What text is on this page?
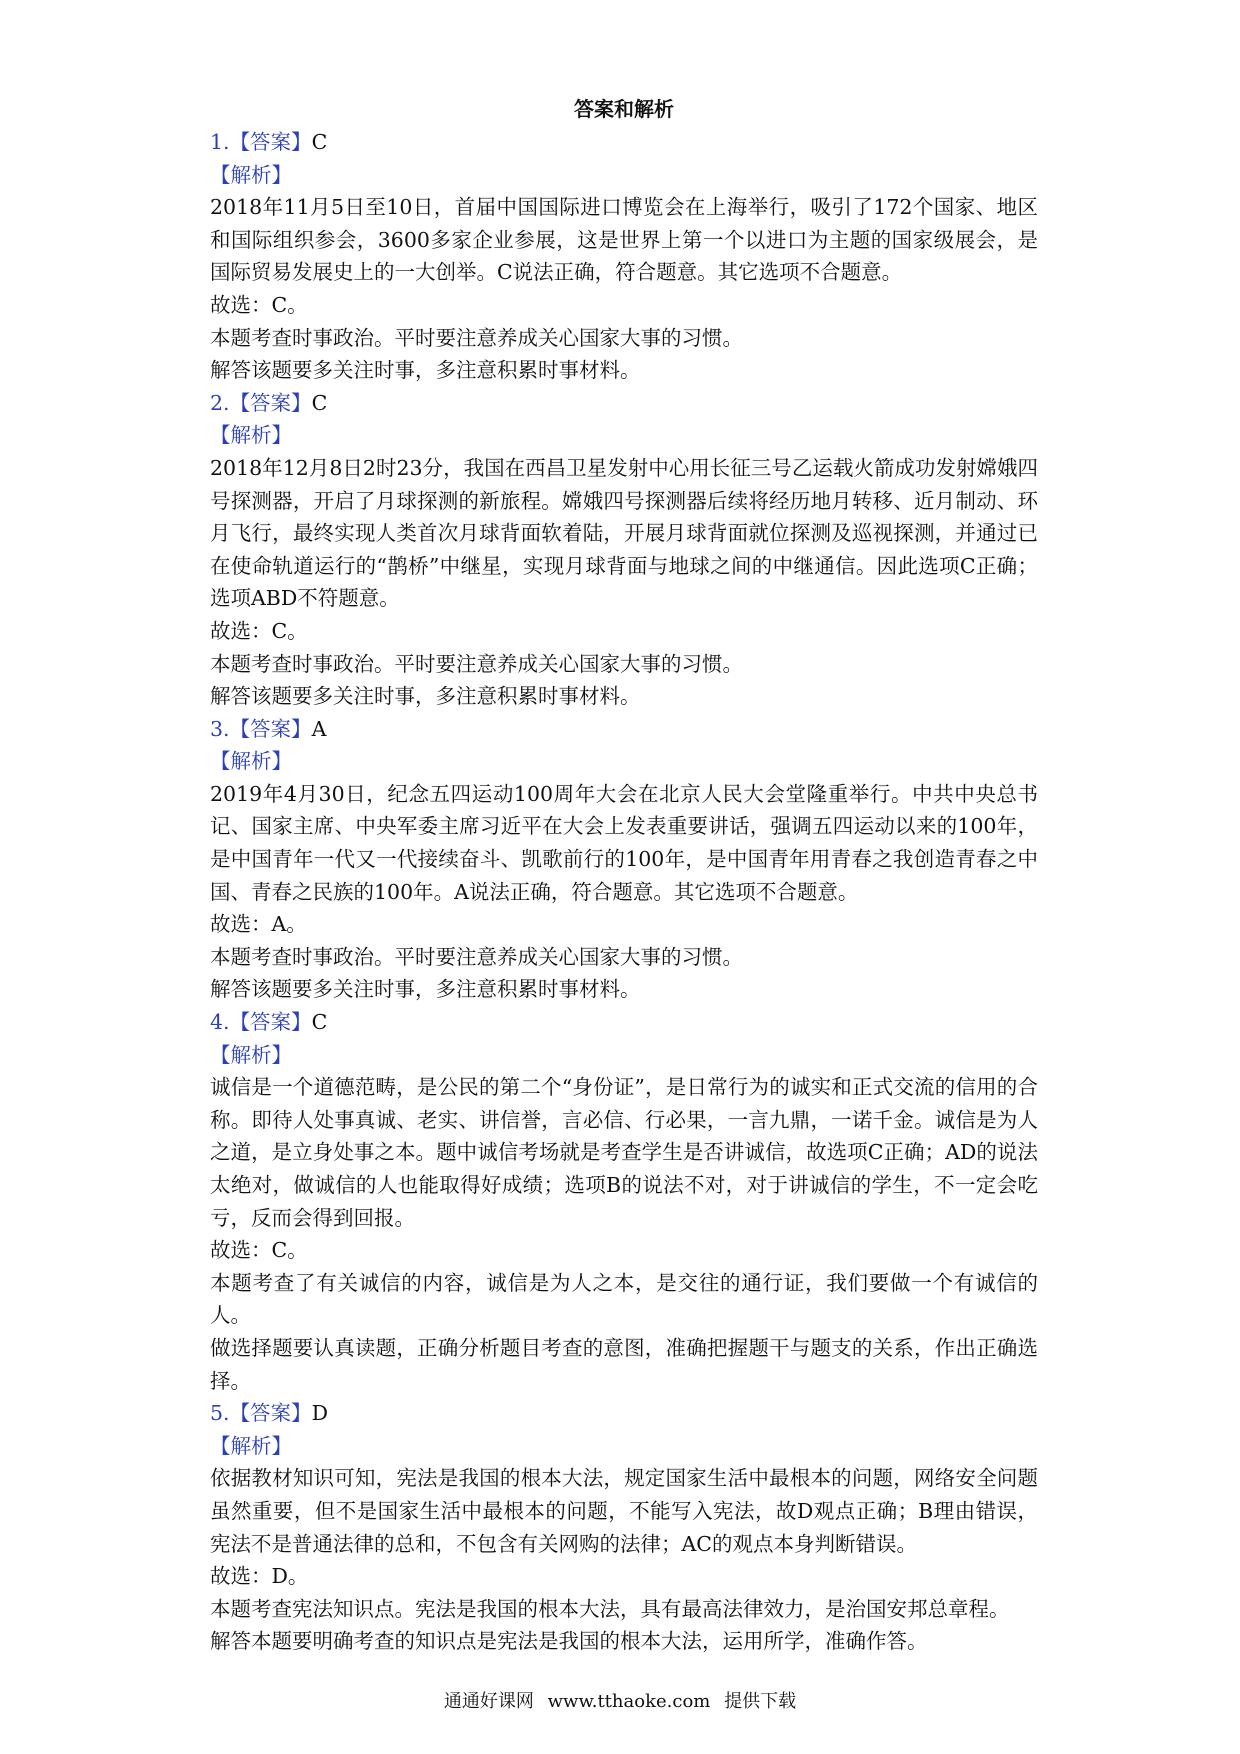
答案和解析

1.【答案】C

【解析】

2018年11月5日至10日，首届中国国际进口博览会在上海举行，吸引了172个国家、地区和国际组织参会，3600多家企业参展，这是世界上第一个以进口为主题的国家级展会，是国际贸易发展史上的一大创举。C说法正确，符合题意。其它选项不合题意。

故选：C。

本题考查时事政治。平时要注意养成关心国家大事的习惯。

解答该题要多关注时事，多注意积累时事材料。

2.【答案】C

【解析】

2018年12月8日2时23分，我国在西昌卫星发射中心用长征三号乙运载火箭成功发射嫦娥四号探测器，开启了月球探测的新旅程。嫦娥四号探测器后续将经历地月转移、近月制动、环月飞行，最终实现人类首次月球背面软着陆，开展月球背面就位探测及巡视探测，并通过已在使命轨道运行的“鹊桥”中继星，实现月球背面与地球之间的中继通信。因此选项C正确；选项ABD不符题意。

故选：C。

本题考查时事政治。平时要注意养成关心国家大事的习惯。

解答该题要多关注时事，多注意积累时事材料。

3.【答案】A

【解析】

2019年4月30日，纪念五四运动100周年大会在北京人民大会堂隆重举行。中共中央总书记、国家主席、中央军委主席习近平在大会上发表重要讲话，强调五四运动以来的100年，是中国青年一代又一代接续奋斗、凯歌前行的100年，是中国青年用青春之我创造青春之中国、青春之民族的100年。A说法正确，符合题意。其它选项不合题意。

故选：A。

本题考查时事政治。平时要注意养成关心国家大事的习惯。

解答该题要多关注时事，多注意积累时事材料。

4.【答案】C

【解析】

诚信是一个道德范畴，是公民的第二个“身份证”，是日常行为的诚实和正式交流的信用的合称。即待人处事真诚、老实、讲信誉，言必信、行必果，一言九鼎，一诺千金。诚信是为人之道，是立身处事之本。题中诚信考场就是考查学生是否讲诚信，故选项C正确；AD的说法太绝对，做诚信的人也能取得好成绩；选项B的说法不对，对于讲诚信的学生，不一定会吃亏，反而会得到回报。

故选：C。

本题考查了有关诚信的内容，诚信是为人之本，是交往的通行证，我们要做一个有诚信的人。

做选择题要认真读题，正确分析题目考查的意图，准确把握题干与题支的关系，作出正确选择。

5.【答案】D

【解析】

依据教材知识可知，宪法是我国的根本大法，规定国家生活中最根本的问题，网络安全问题虽然重要，但不是国家生活中最根本的问题，不能写入宪法，故D观点正确；B理由错误，宪法不是普通法律的总和，不包含有关网购的法律；AC的观点本身判断错误。

故选：D。

本题考查宪法知识点。宪法是我国的根本大法，具有最高法律效力，是治国安邦总章程。

解答本题要明确考查的知识点是宪法是我国的根本大法，运用所学，准确作答。

通通好课网 www.tthaoke.com 提供下载
